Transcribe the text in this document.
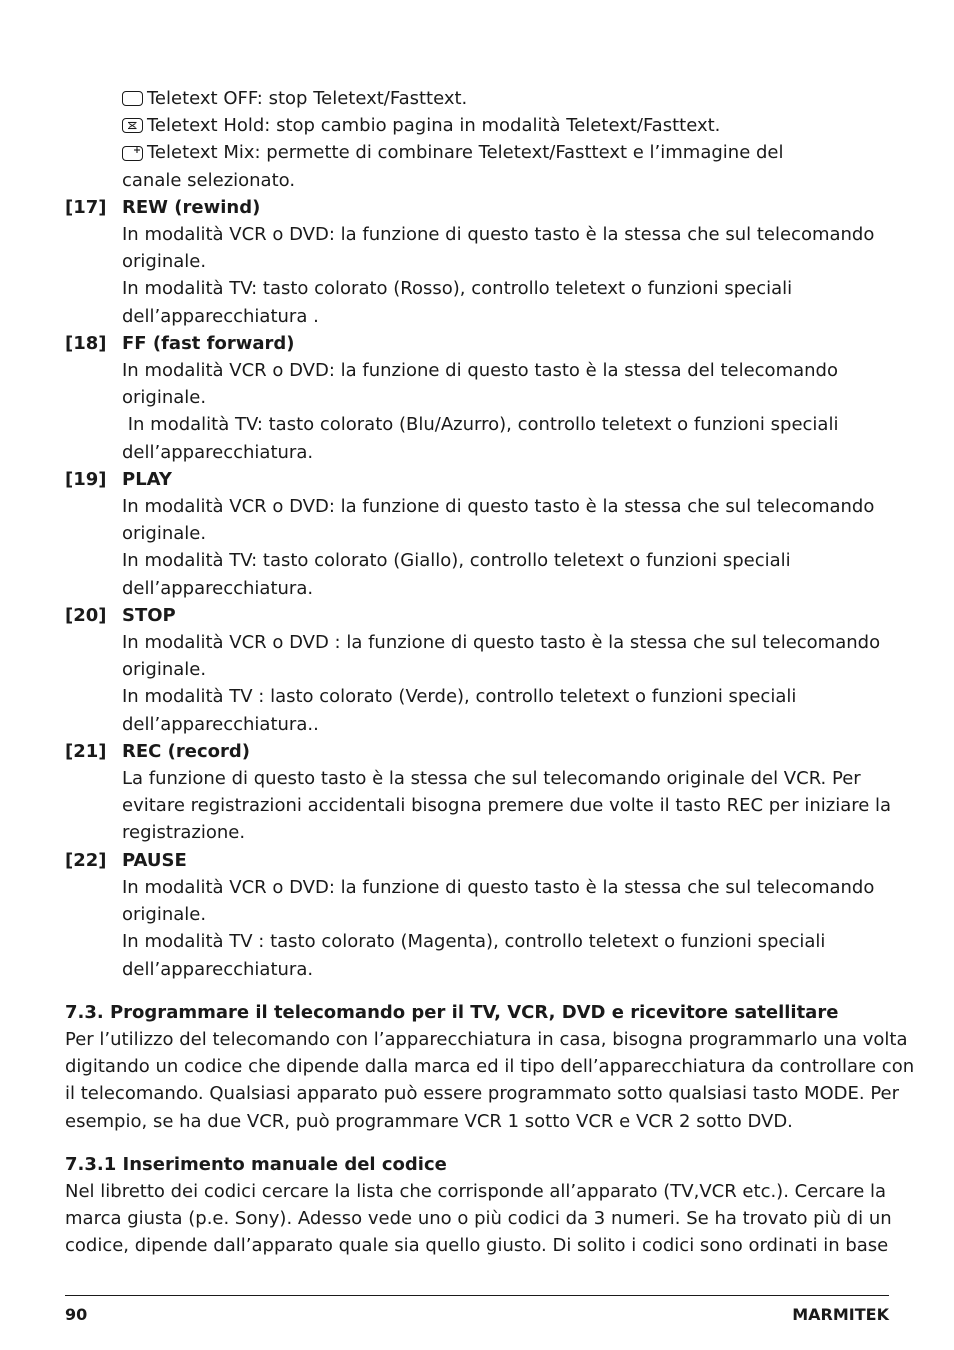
Teletext OFF: stop Teletext/Fasttext.
Teletext Hold: stop cambio pagina in modalità Teletext/Fasttext.
Teletext Mix: permette di combinare Teletext/Fasttext e l’immagine del
canale selezionato.
[17] REW (rewind)
In modalità VCR o DVD: la funzione di questo tasto è la stessa che sul telecomando
originale.
In modalità TV: tasto colorato (Rosso), controllo teletext o funzioni speciali
dell’apparecchiatura .
[18] FF (fast forward)
In modalità VCR o DVD: la funzione di questo tasto è la stessa del telecomando
originale.
In modalità TV: tasto colorato (Blu/Azurro), controllo teletext o funzioni speciali
dell’apparecchiatura.
[19] PLAY
In modalità VCR o DVD: la funzione di questo tasto è la stessa che sul telecomando
originale.
In modalità TV: tasto colorato (Giallo), controllo teletext o funzioni speciali
dell’apparecchiatura.
[20] STOP
In modalità VCR o DVD : la funzione di questo tasto è la stessa che sul telecomando
originale.
In modalità TV : lasto colorato (Verde), controllo teletext o funzioni speciali
dell’apparecchiatura..
[21] REC (record)
La funzione di questo tasto è la stessa che sul telecomando originale del VCR. Per
evitare registrazioni accidentali bisogna premere due volte il tasto REC per iniziare la
registrazione.
[22] PAUSE
In modalità VCR o DVD: la funzione di questo tasto è la stessa che sul telecomando
originale.
In modalità TV : tasto colorato (Magenta), controllo teletext o funzioni speciali
dell’apparecchiatura.
7.3. Programmare il telecomando per il TV, VCR, DVD e ricevitore satellitare
Per l’utilizzo del telecomando con l’apparecchiatura in casa, bisogna programmarlo una volta
digitando un codice che dipende dalla marca ed il tipo dell’apparecchiatura da controllare con
il telecomando. Qualsiasi apparato può essere programmato sotto qualsiasi tasto MODE. Per
esempio, se ha due VCR, può programmare VCR 1 sotto VCR e VCR 2 sotto DVD.
7.3.1 Inserimento manuale del codice
Nel libretto dei codici cercare la lista che corrisponde all’apparato (TV,VCR etc.). Cercare la
marca giusta (p.e. Sony). Adesso vede uno o più codici da 3 numeri. Se ha trovato più di un
codice, dipende dall’apparato quale sia quello giusto. Di solito i codici sono ordinati in base
90	MARMITEK
